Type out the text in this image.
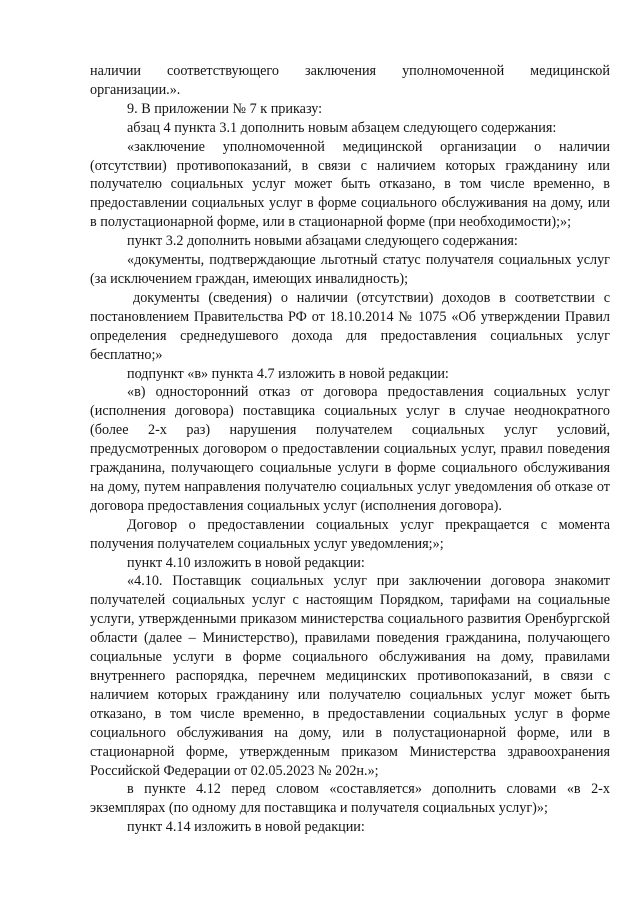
наличии соответствующего заключения уполномоченной медицинской организации.».

9. В приложении № 7 к приказу:

абзац 4 пункта 3.1 дополнить новым абзацем следующего содержания:

«заключение уполномоченной медицинской организации о наличии (отсутствии) противопоказаний, в связи с наличием которых гражданину или получателю социальных услуг может быть отказано, в том числе временно, в предоставлении социальных услуг в форме социального обслуживания на дому, или в полустационарной форме, или в стационарной форме (при необходимости);»;

пункт 3.2 дополнить новыми абзацами следующего содержания:

«документы, подтверждающие льготный статус получателя социальных услуг (за исключением граждан, имеющих инвалидность);

документы (сведения) о наличии (отсутствии) доходов в соответствии с постановлением Правительства РФ от 18.10.2014 № 1075 «Об утверждении Правил определения среднедушевого дохода для предоставления социальных услуг бесплатно;»

подпункт «в» пункта 4.7 изложить в новой редакции:

«в) односторонний отказ от договора предоставления социальных услуг (исполнения договора) поставщика социальных услуг в случае неоднократного (более 2-х раз) нарушения получателем социальных услуг условий, предусмотренных договором о предоставлении социальных услуг, правил поведения гражданина, получающего социальные услуги в форме социального обслуживания на дому, путем направления получателю социальных услуг уведомления об отказе от договора предоставления социальных услуг (исполнения договора).

Договор о предоставлении социальных услуг прекращается с момента получения получателем социальных услуг уведомления;»;

пункт 4.10 изложить в новой редакции:

«4.10. Поставщик социальных услуг при заключении договора знакомит получателей социальных услуг с настоящим Порядком, тарифами на социальные услуги, утвержденными приказом министерства социального развития Оренбургской области (далее – Министерство), правилами поведения гражданина, получающего социальные услуги в форме социального обслуживания на дому, правилами внутреннего распорядка, перечнем медицинских противопоказаний, в связи с наличием которых гражданину или получателю социальных услуг может быть отказано, в том числе временно, в предоставлении социальных услуг в форме социального обслуживания на дому, или в полустационарной форме, или в стационарной форме, утвержденным приказом Министерства здравоохранения Российской Федерации от 02.05.2023 № 202н.»;

в пункте 4.12 перед словом «составляется» дополнить словами «в 2-х экземплярах (по одному для поставщика и получателя социальных услуг)»;

пункт 4.14 изложить в новой редакции:
